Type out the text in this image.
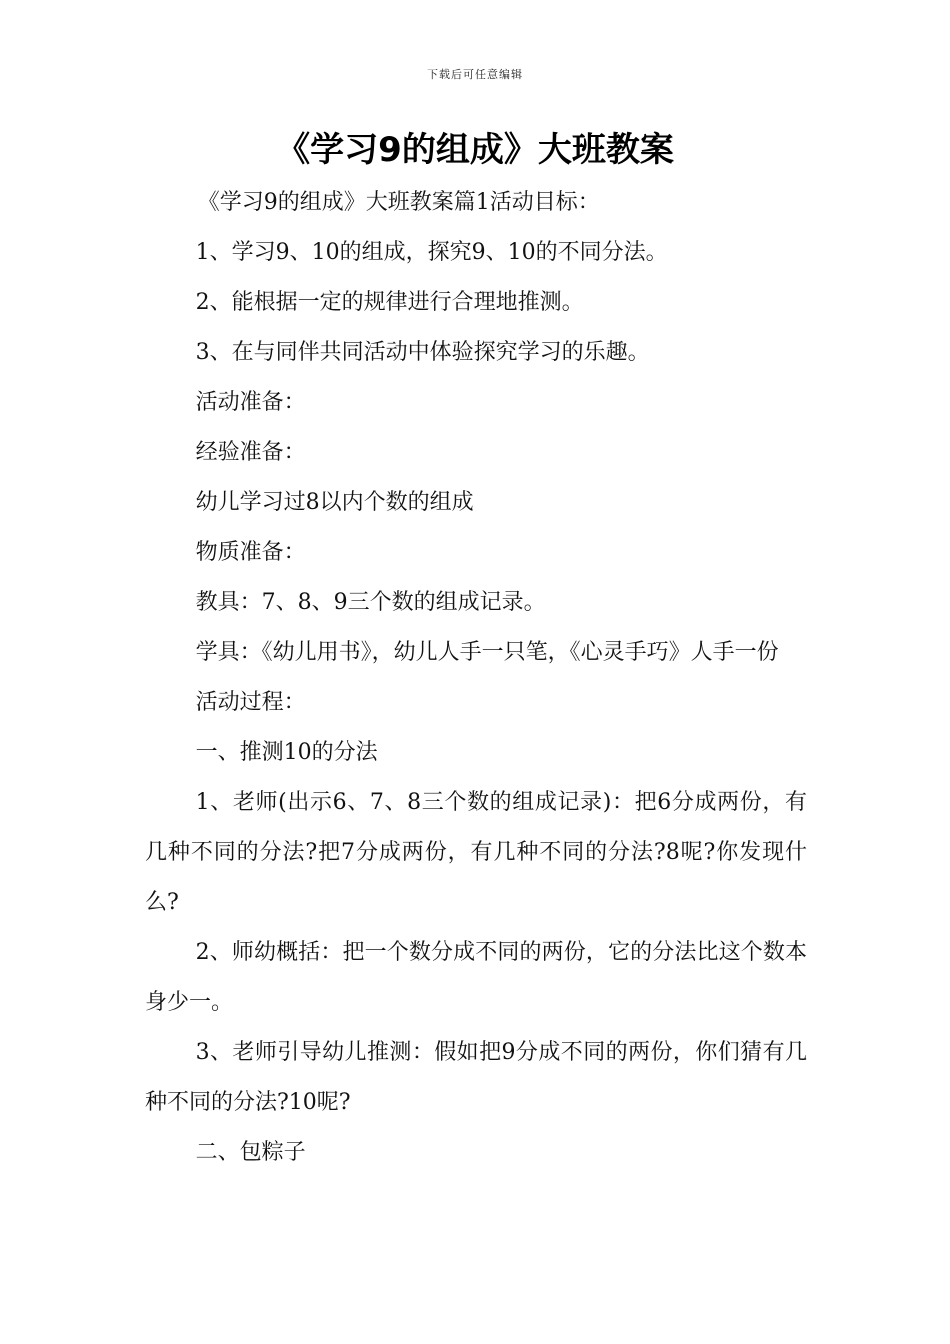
下载后可任意编辑
《学习9的组成》大班教案

《学习9的组成》大班教案篇1活动目标：

1、学习9、10的组成，探究9、10的不同分法。

2、能根据一定的规律进行合理地推测。

3、在与同伴共同活动中体验探究学习的乐趣。

活动准备：

经验准备：

幼儿学习过8以内个数的组成

物质准备：

教具：7、8、9三个数的组成记录。

学具：《幼儿用书》，幼儿人手一只笔，《心灵手巧》人手一份

活动过程：

一、推测10的分法

1、老师(出示6、7、8三个数的组成记录)：把6分成两份，有几种不同的分法?把7分成两份，有几种不同的分法?8呢?你发现什么?

2、师幼概括：把一个数分成不同的两份，它的分法比这个数本身少一。

3、老师引导幼儿推测：假如把9分成不同的两份，你们猜有几种不同的分法?10呢?

二、包粽子
